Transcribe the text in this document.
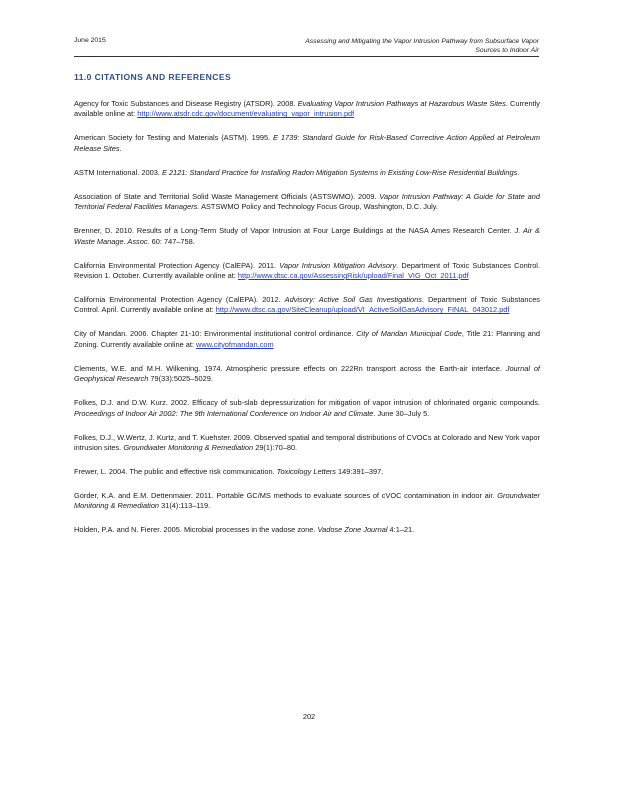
June 2015	Assessing and Mitigating the Vapor Intrusion Pathway from Subsurface Vapor Sources to Indoor Air
11.0 CITATIONS AND REFERENCES

Agency for Toxic Substances and Disease Registry (ATSDR). 2008. Evaluating Vapor Intrusion Pathways at Hazardous Waste Sites. Currently available online at: http://www.atsdr.cdc.gov/document/evaluating_vapor_intrusion.pdf

American Society for Testing and Materials (ASTM). 1995. E 1739: Standard Guide for Risk-Based Corrective Action Applied at Petroleum Release Sites.

ASTM International. 2003. E 2121: Standard Practice for Installing Radon Mitigation Systems in Existing Low-Rise Residential Buildings.

Association of State and Territorial Solid Waste Management Officials (ASTSWMO). 2009. Vapor Intrusion Pathway: A Guide for State and Territorial Federal Facilities Managers. ASTSWMO Policy and Technology Focus Group, Washington, D.C. July.

Brenner, D. 2010. Results of a Long-Term Study of Vapor Intrusion at Four Large Buildings at the NASA Ames Research Center. J. Air & Waste Manage. Assoc. 60: 747–758.

California Environmental Protection Agency (CalEPA). 2011. Vapor Intrusion Mitigation Advisory. Department of Toxic Substances Control. Revision 1. October. Currently available online at: http://www.dtsc.ca.gov/AssessingRisk/upload/Final_VIG_Oct_2011.pdf

California Environmental Protection Agency (CalEPA). 2012. Advisory: Active Soil Gas Investigations. Department of Toxic Substances Control. April. Currently available online at: http://www.dtsc.ca.gov/SiteCleanup/upload/VI_ActiveSoilGasAdvisory_FINAL_043012.pdf

City of Mandan. 2006. Chapter 21-10: Environmental institutional control ordinance. City of Mandan Municipal Code, Title 21: Planning and Zoning. Currently available online at: www.cityofmandan.com

Clements, W.E. and M.H. Wilkening. 1974. Atmospheric pressure effects on 222Rn transport across the Earth-air interface. Journal of Geophysical Research 79(33):5025–5029.

Folkes, D.J. and D.W. Kurz. 2002. Efficacy of sub-slab depressurization for mitigation of vapor intrusion of chlorinated organic compounds. Proceedings of Indoor Air 2002: The 9th International Conference on Indoor Air and Climate. June 30–July 5.

Folkes, D.J., W.Wertz, J. Kurtz, and T. Kuehster. 2009. Observed spatial and temporal distributions of CVOCs at Colorado and New York vapor intrusion sites. Groundwater Monitoring & Remediation 29(1):70–80.

Frewer, L. 2004. The public and effective risk communication. Toxicology Letters 149:391–397.

Gorder, K.A. and E.M. Dettenmaier. 2011. Portable GC/MS methods to evaluate sources of cVOC contamination in indoor air. Groundwater Monitoring & Remediation 31(4):113–119.

Holden, P.A. and N. Fierer. 2005. Microbial processes in the vadose zone. Vadose Zone Journal 4:1–21.

202
